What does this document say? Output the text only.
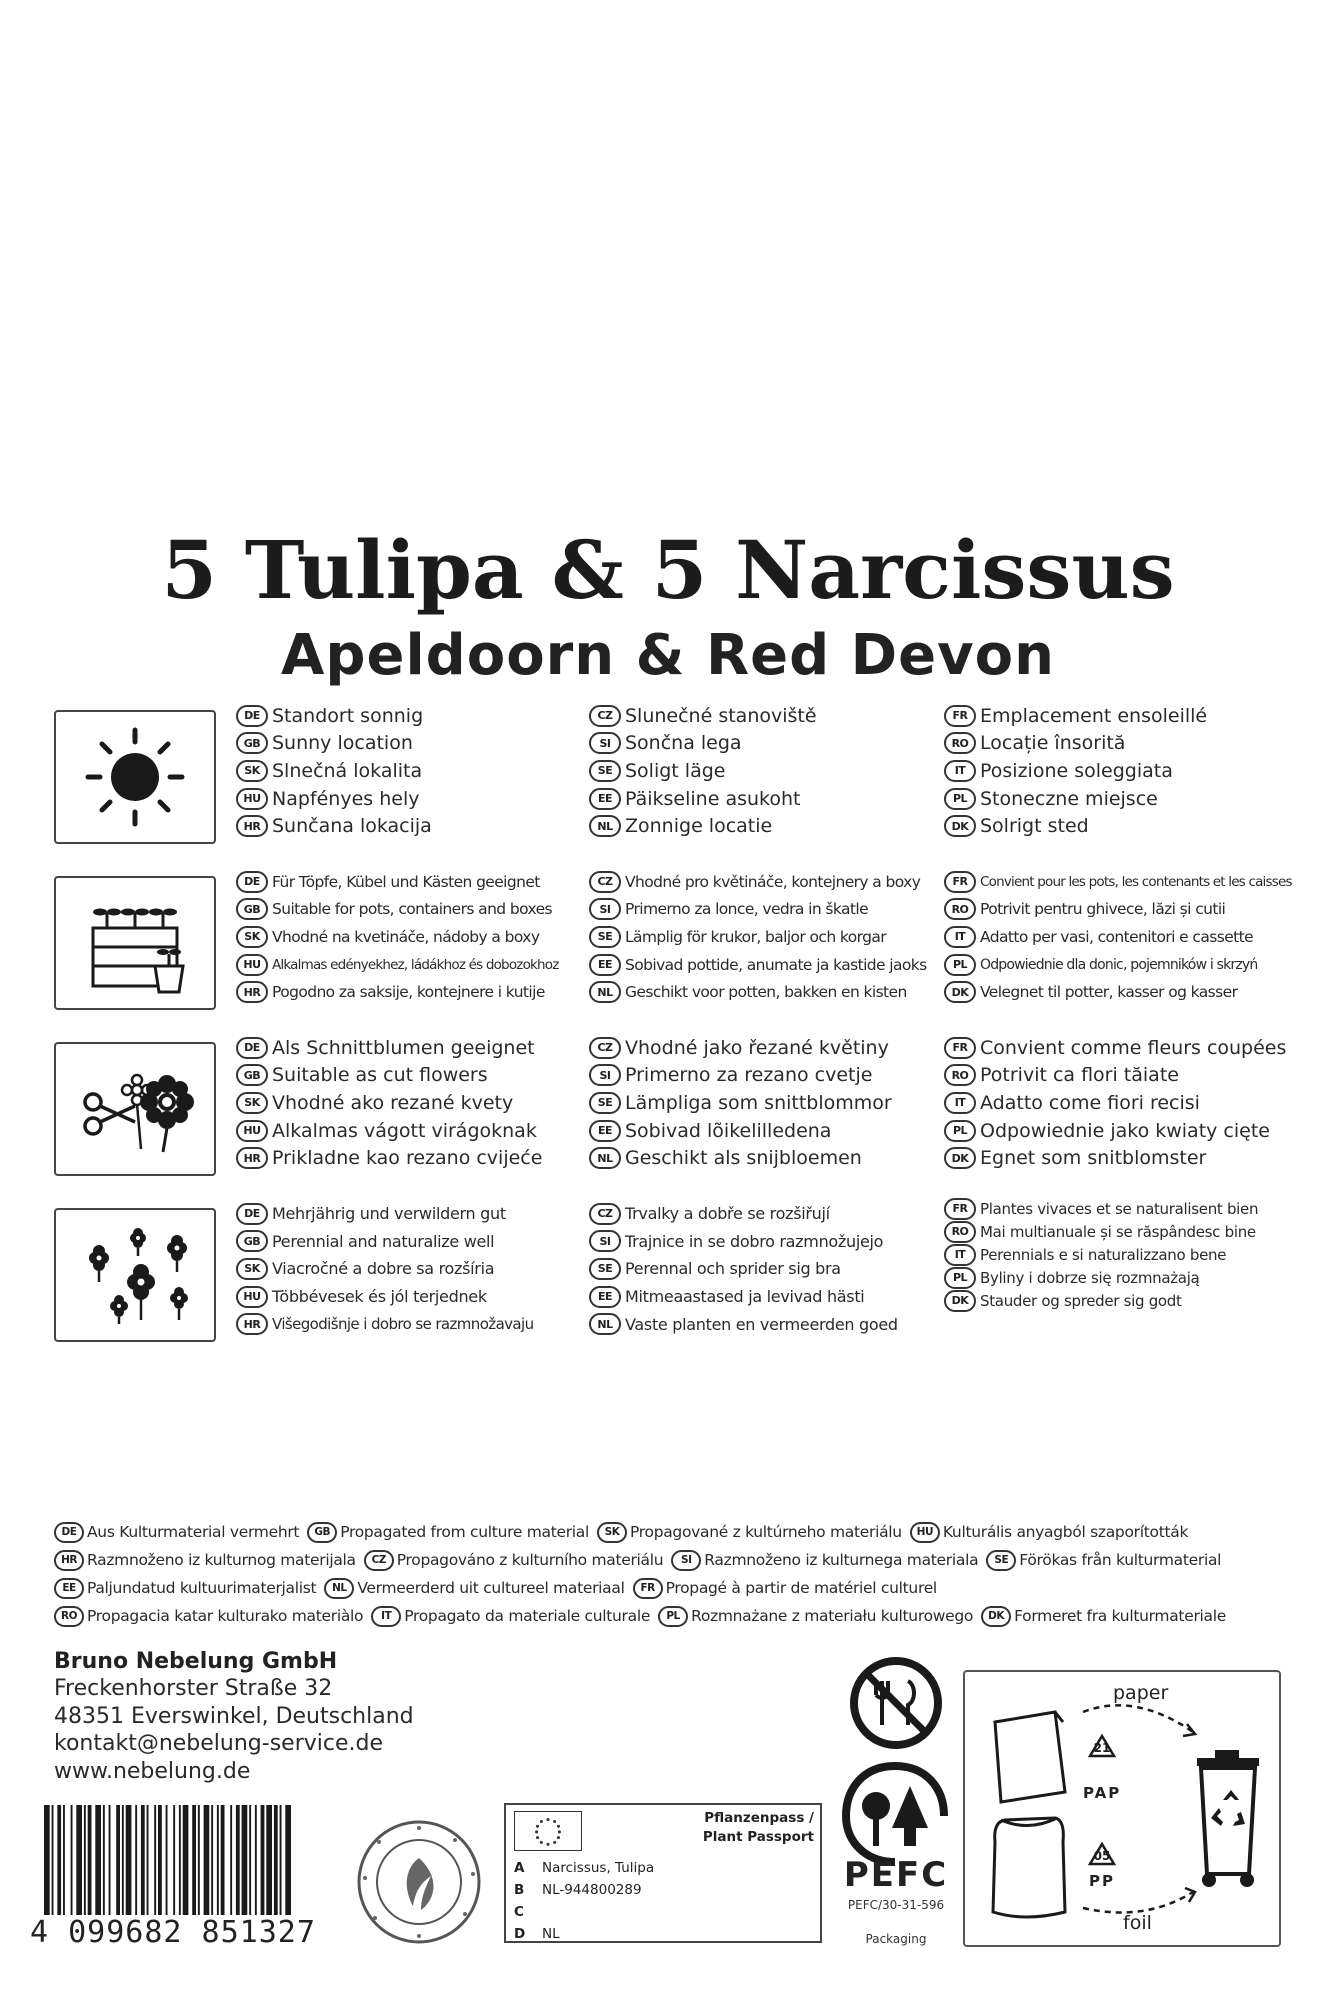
5 Tulipa & 5 Narcissus
Apeldoorn & Red Devon
DE Standort sonnig
GB Sunny location
SK Slnečná lokalita
HU Napfényes hely
HR Sunčana lokacija
CZ Slunečné stanoviště
SI Sončna lega
SE Soligt läge
EE Päikseline asukoht
NL Zonnige locatie
FR Emplacement ensoleillé
RO Locație însorită
IT Posizione soleggiata
PL Stoneczne miejsce
DK Solrigt sted
DE Für Töpfe, Kübel und Kästen geeignet
GB Suitable for pots, containers and boxes
SK Vhodné na kvetináče, nádoby a boxy
HU Alkalmas edényekhez, ládákhoz és dobozokhoz
HR Pogodno za saksije, kontejnere i kutije
CZ Vhodné pro květináče, kontejnery a boxy
SI Primerno za lonce, vedra in škatle
SE Lämplig för krukor, baljor och korgar
EE Sobivad pottide, anumate ja kastide jaoks
NL Geschikt voor potten, bakken en kisten
FR Convient pour les pots, les contenants et les caisses
RO Potrivit pentru ghivece, lăzi și cutii
IT Adatto per vasi, contenitori e cassette
PL Odpowiednie dla donic, pojemników i skrzyń
DK Velegnet til potter, kasser og kasser
DE Als Schnittblumen geeignet
GB Suitable as cut flowers
SK Vhodné ako rezané kvety
HU Alkalmas vágott virágoknak
HR Prikladne kao rezano cvijeće
CZ Vhodné jako řezané květiny
SI Primerno za rezano cvetje
SE Lämpliga som snittblommor
EE Sobivad lõikelilledena
NL Geschikt als snijbloemen
FR Convient comme fleurs coupées
RO Potrivit ca flori tăiate
IT Adatto come fiori recisi
PL Odpowiednie jako kwiaty cięte
DK Egnet som snitblomster
DE Mehrjährig und verwildern gut
GB Perennial and naturalize well
SK Viacročné a dobre sa rozšíria
HU Többévesek és jól terjednek
HR Višegodišnje i dobro se razmnožavaju
CZ Trvalky a dobře se rozšiřují
SI Trajnice in se dobro razmnožujejo
SE Perennal och sprider sig bra
EE Mitmeaastased ja levivad hästi
NL Vaste planten en vermeerden goed
FR Plantes vivaces et se naturalisent bien
RO Mai multianuale și se răspândesc bine
IT Perennials e si naturalizzano bene
PL Byliny i dobrze się rozmnażają
DK Stauder og spreder sig godt
DE Aus Kulturmaterial vermehrt	GB Propagated from culture material	SK Propagované z kultúrneho materiálu	HU Kulturális anyagból szaporították
HR Razmnoženo iz kulturnog materijala	CZ Propagováno z kulturního materiálu	SI Razmnoženo iz kulturnega materiala	SE Förökas från kulturmaterial
EE Paljundatud kultuurimaterjalist	NL Vermeerderd uit cultureel materiaal	FR Propagé à partir de matériel culturel
RO Propagacia katar kulturako materiàlo	IT Propagato da materiale culturale	PL Rozmnażane z materiału kulturowego	DK Formeret fra kulturmateriale
Bruno Nebelung GmbH
Freckenhorster Straße 32
48351 Everswinkel, Deutschland
kontakt@nebelung-service.de
www.nebelung.de
4 099682 851327
Pflanzenpass /
Plant Passport
A	Narcissus, Tulipa
B	NL-944800289
C
D	NL
PEFC
PEFC/30-31-596
Packaging
21
05
paper
PAP
PP
foil
